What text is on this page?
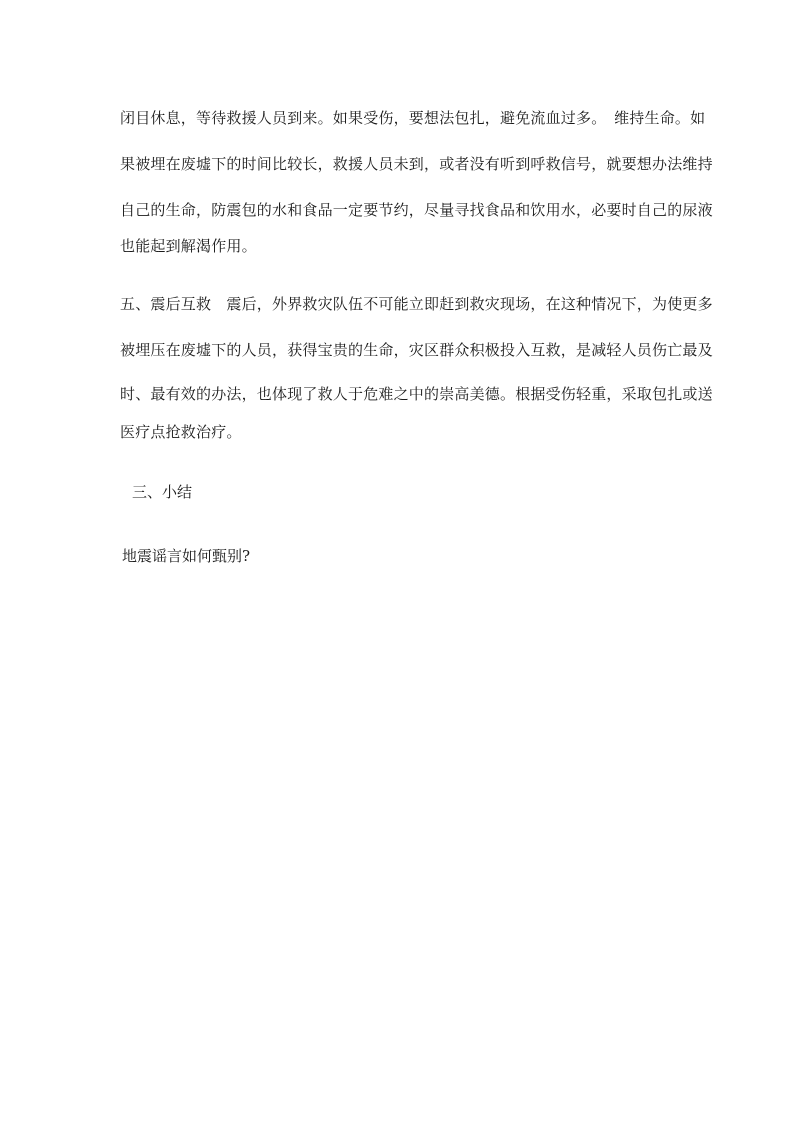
闭目休息，等待救援人员到来。如果受伤，要想法包扎，避免流血过多。　维持生命。如
果被埋在废墟下的时间比较长，救援人员未到，或者没有听到呼救信号，就要想办法维持
自己的生命，防震包的水和食品一定要节约，尽量寻找食品和饮用水，必要时自己的尿液
也能起到解渴作用。
五、震后互救　震后，外界救灾队伍不可能立即赶到救灾现场，在这种情况下，为使更多
被埋压在废墟下的人员，获得宝贵的生命，灾区群众积极投入互救，是减轻人员伤亡最及
时、最有效的办法，也体现了救人于危难之中的崇高美德。根据受伤轻重，采取包扎或送
医疗点抢救治疗。
三、小结
地震谣言如何甄别?
